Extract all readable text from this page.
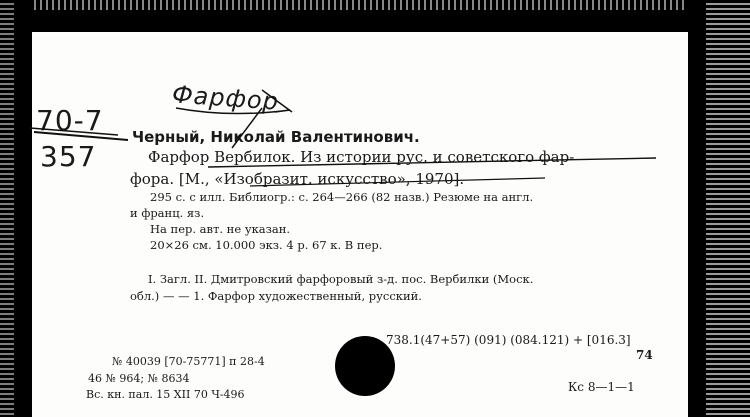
Фарфор
70-7
357
Черный, Николай Валентинович.
Фарфор Вербилок. Из истории рус. и советского фар-
фора. [М., «Изобразит. искусство», 1970].
295 с. с илл. Библиогр.: с. 264—266 (82 назв.) Резюме на англ.
и франц. яз.
На пер. авт. не указан.
20×26 см. 10.000 экз. 4 р. 67 к. В пер.
I. Загл. II. Дмитровский фарфоровый з-д. пос. Вербилки (Моск.
обл.) — — 1. Фарфор художественный, русский.
738.1(47+57) (091) (084.121) + [016.3]
74
Кс 8—1—1
№ 40039 [70-75771] п 28-4
46 № 964; № 8634
Вс. кн. пал. 15 XII 70 Ч-496
